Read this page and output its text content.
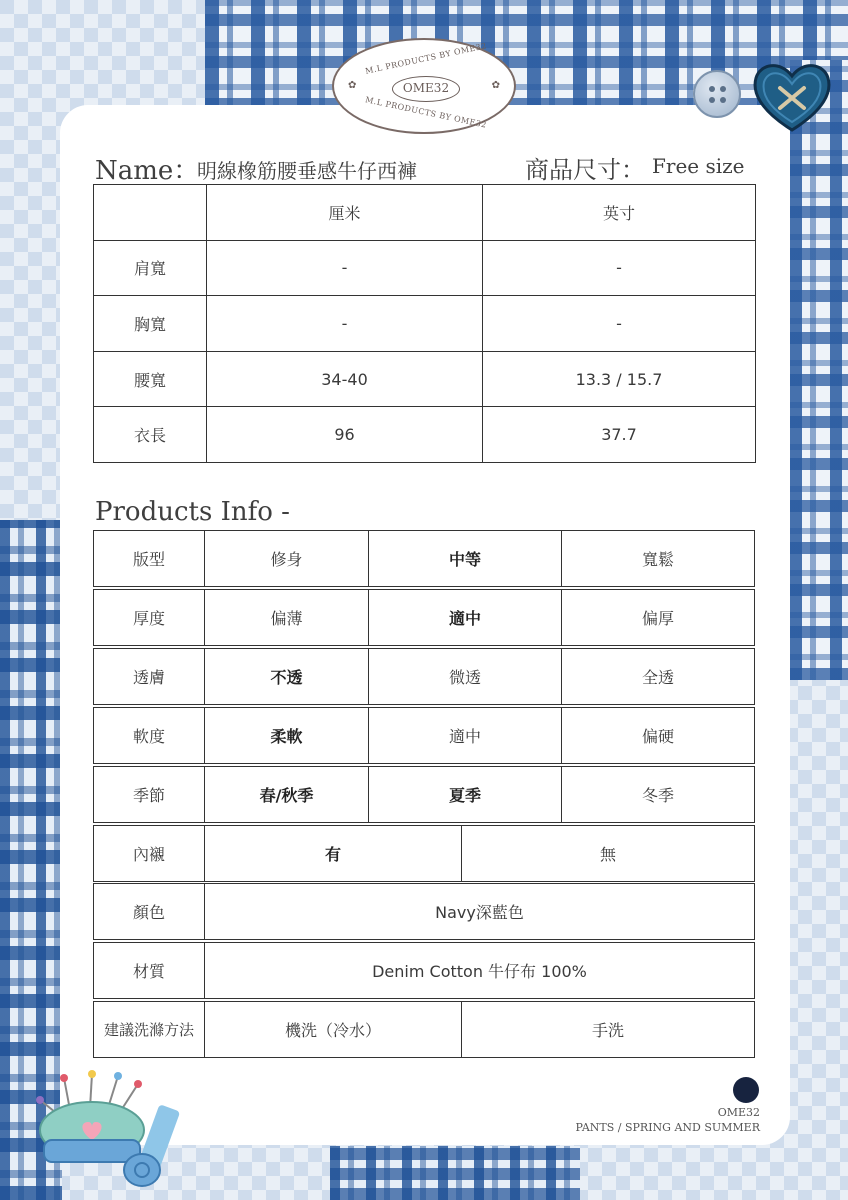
M.L PRODUCTS BY OME32
✿	OME32	✿
M.L PRODUCTS BY OME32
Name：
明線橡筋腰垂感牛仔西褲	商品尺寸： Free size
	厘米	英寸
肩寬	-	-
胸寬	-	-
腰寬	34-40	13.3 / 15.7
衣長	96	37.7
Products Info -
版型	修身	中等	寬鬆
厚度	偏薄	適中	偏厚
透膚	不透	微透	全透
軟度	柔軟	適中	偏硬
季節	春/秋季	夏季	冬季
內襯	有	無
顏色	Navy深藍色
材質	Denim Cotton 牛仔布 100%
建議洗滌方法	機洗（冷水）	手洗
OME32
PANTS / SPRING AND SUMMER
